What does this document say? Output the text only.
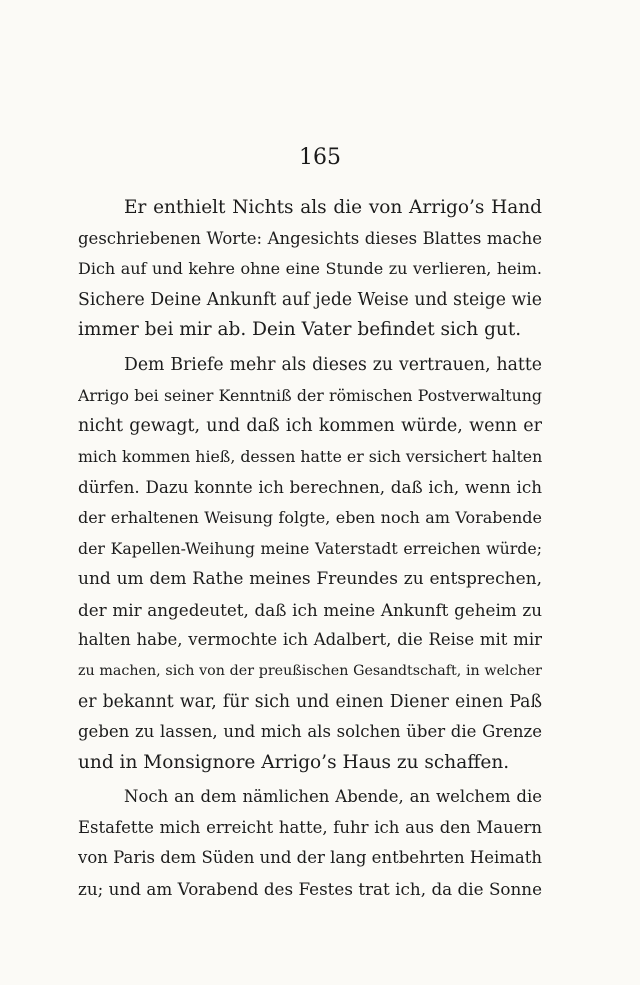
165
Er enthielt Nichts als die von Arrigo’s Hand
geschriebenen Worte: Angesichts dieses Blattes mache
Dich auf und kehre ohne eine Stunde zu verlieren, heim.
Sichere Deine Ankunft auf jede Weise und steige wie
immer bei mir ab. Dein Vater befindet sich gut.
Dem Briefe mehr als dieses zu vertrauen, hatte
Arrigo bei seiner Kenntniß der römischen Postverwaltung
nicht gewagt, und daß ich kommen würde, wenn er
mich kommen hieß, dessen hatte er sich versichert halten
dürfen. Dazu konnte ich berechnen, daß ich, wenn ich
der erhaltenen Weisung folgte, eben noch am Vorabende
der Kapellen-Weihung meine Vaterstadt erreichen würde;
und um dem Rathe meines Freundes zu entsprechen,
der mir angedeutet, daß ich meine Ankunft geheim zu
halten habe, vermochte ich Adalbert, die Reise mit mir
zu machen, sich von der preußischen Gesandtschaft, in welcher
er bekannt war, für sich und einen Diener einen Paß
geben zu lassen, und mich als solchen über die Grenze
und in Monsignore Arrigo’s Haus zu schaffen.
Noch an dem nämlichen Abende, an welchem die
Estafette mich erreicht hatte, fuhr ich aus den Mauern
von Paris dem Süden und der lang entbehrten Heimath
zu; und am Vorabend des Festes trat ich, da die Sonne
